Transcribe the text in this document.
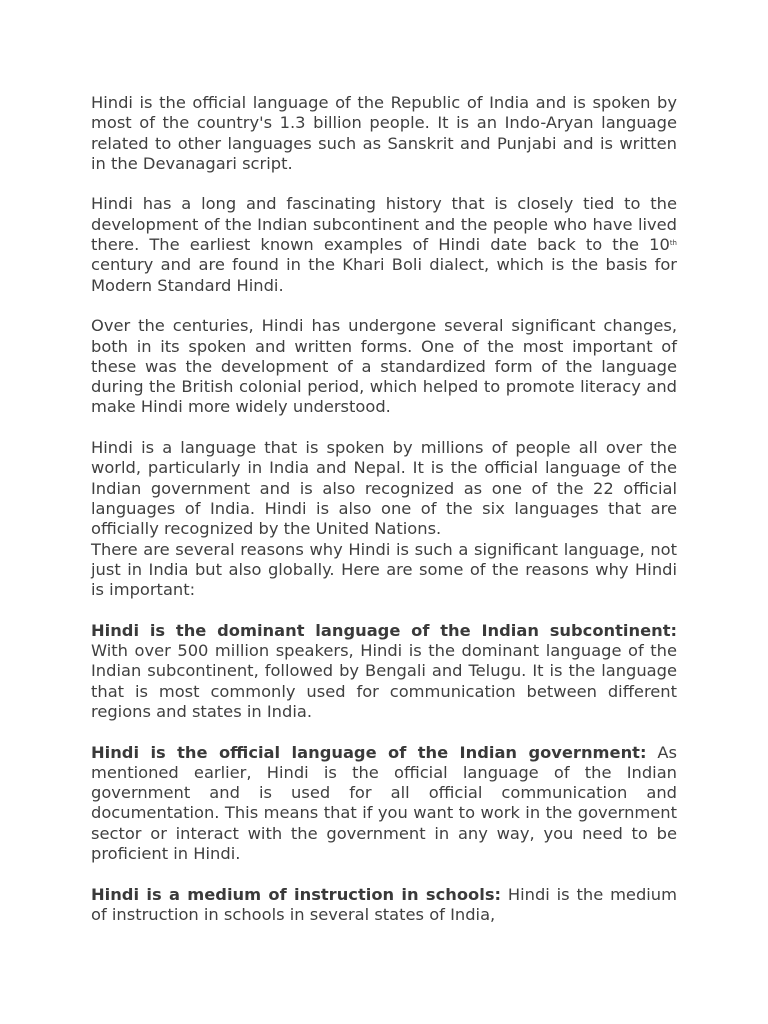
Hindi is the official language of the Republic of India and is spoken by most of the country's 1.3 billion people. It is an Indo-Aryan language related to other languages such as Sanskrit and Punjabi and is written in the Devanagari script.

Hindi has a long and fascinating history that is closely tied to the development of the Indian subcontinent and the people who have lived there. The earliest known examples of Hindi date back to the 10th century and are found in the Khari Boli dialect, which is the basis for Modern Standard Hindi.

Over the centuries, Hindi has undergone several significant changes, both in its spoken and written forms. One of the most important of these was the development of a standardized form of the language during the British colonial period, which helped to promote literacy and make Hindi more widely understood.

Hindi is a language that is spoken by millions of people all over the world, particularly in India and Nepal. It is the official language of the Indian government and is also recognized as one of the 22 official languages of India. Hindi is also one of the six languages that are officially recognized by the United Nations.

There are several reasons why Hindi is such a significant language, not just in India but also globally. Here are some of the reasons why Hindi is important:

Hindi is the dominant language of the Indian subcontinent: With over 500 million speakers, Hindi is the dominant language of the Indian subcontinent, followed by Bengali and Telugu. It is the language that is most commonly used for communication between different regions and states in India.

Hindi is the official language of the Indian government: As mentioned earlier, Hindi is the official language of the Indian government and is used for all official communication and documentation. This means that if you want to work in the government sector or interact with the government in any way, you need to be proficient in Hindi.

Hindi is a medium of instruction in schools: Hindi is the medium of instruction in schools in several states of India,
